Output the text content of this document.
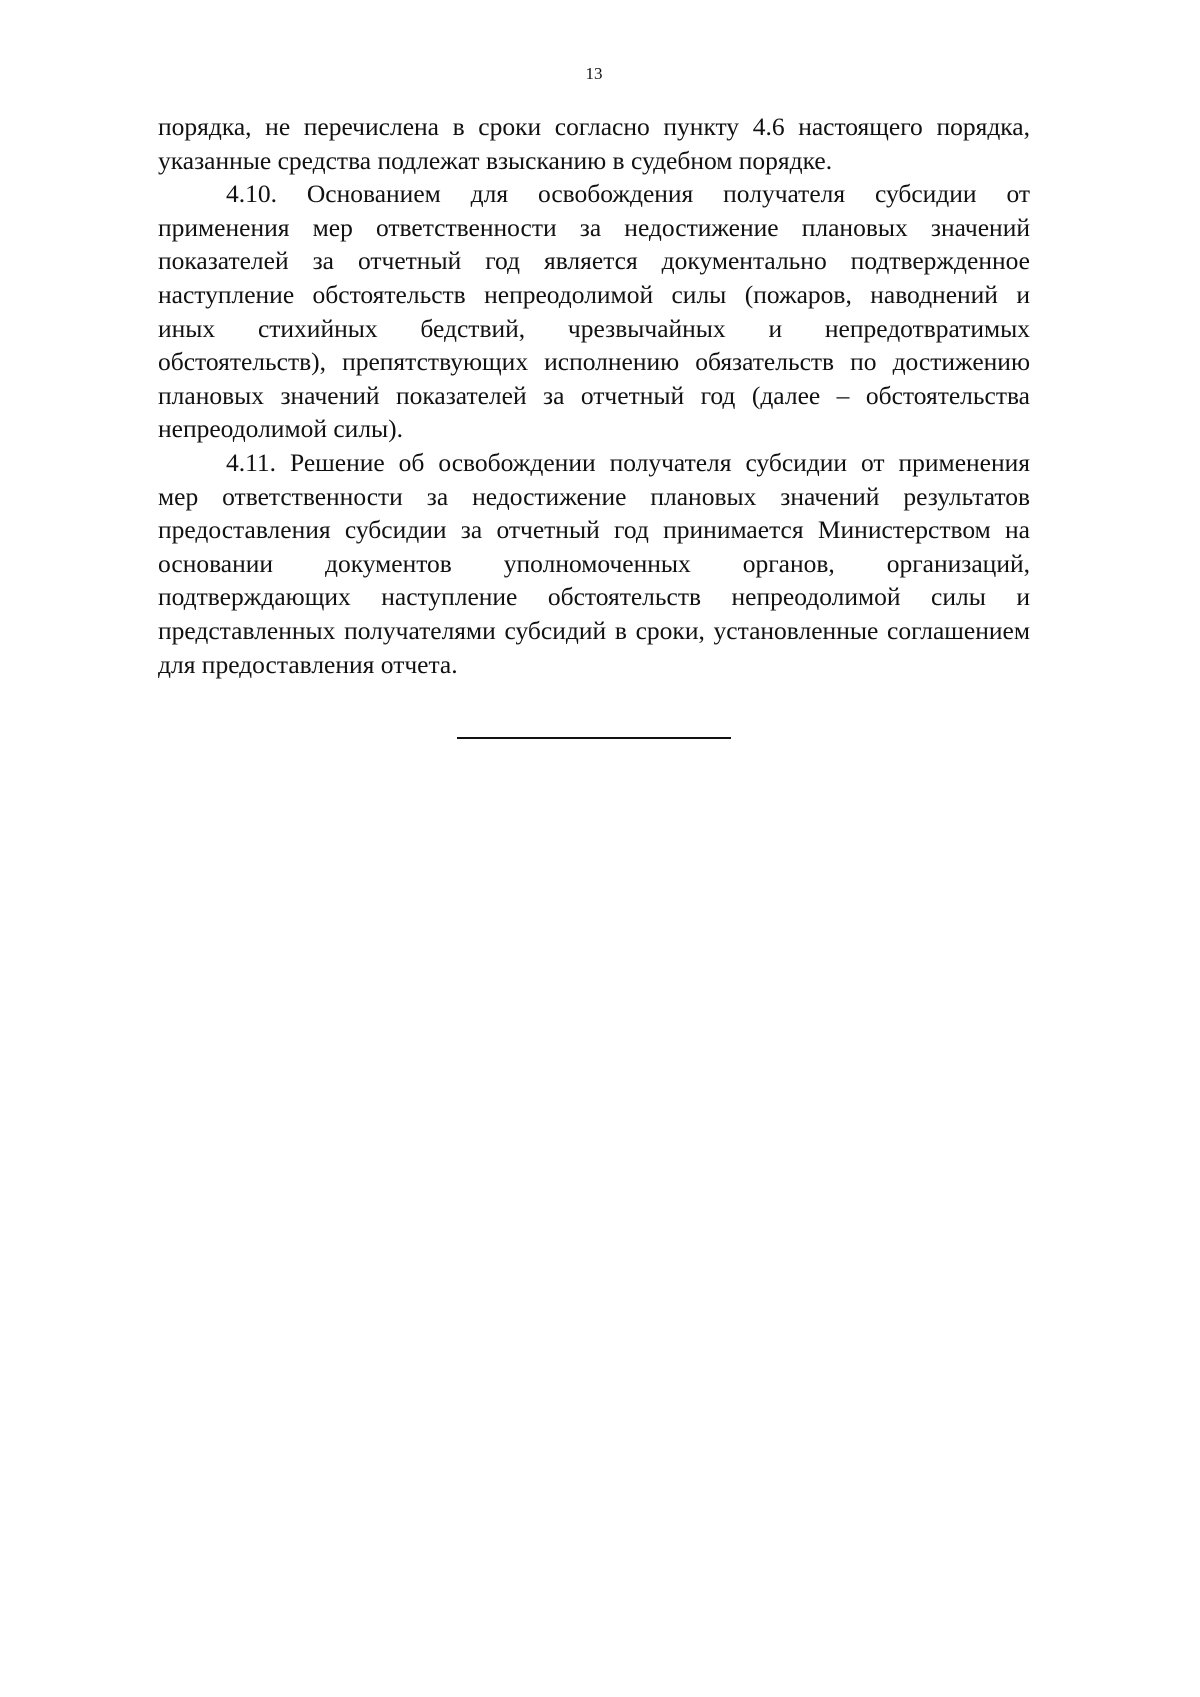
13
порядка, не перечислена в сроки согласно пункту 4.6 настоящего порядка,
указанные средства подлежат взысканию в судебном порядке.
4.10. Основанием для освобождения получателя субсидии от
применения мер ответственности за недостижение плановых значений
показателей за отчетный год является документально подтвержденное
наступление обстоятельств непреодолимой силы (пожаров, наводнений и
иных стихийных бедствий, чрезвычайных и непредотвратимых
обстоятельств), препятствующих исполнению обязательств по достижению
плановых значений показателей за отчетный год (далее – обстоятельства
непреодолимой силы).
4.11. Решение об освобождении получателя субсидии от применения
мер ответственности за недостижение плановых значений результатов
предоставления субсидии за отчетный год принимается Министерством на
основании документов уполномоченных органов, организаций,
подтверждающих наступление обстоятельств непреодолимой силы и
представленных получателями субсидий в сроки, установленные соглашением
для предоставления отчета.
